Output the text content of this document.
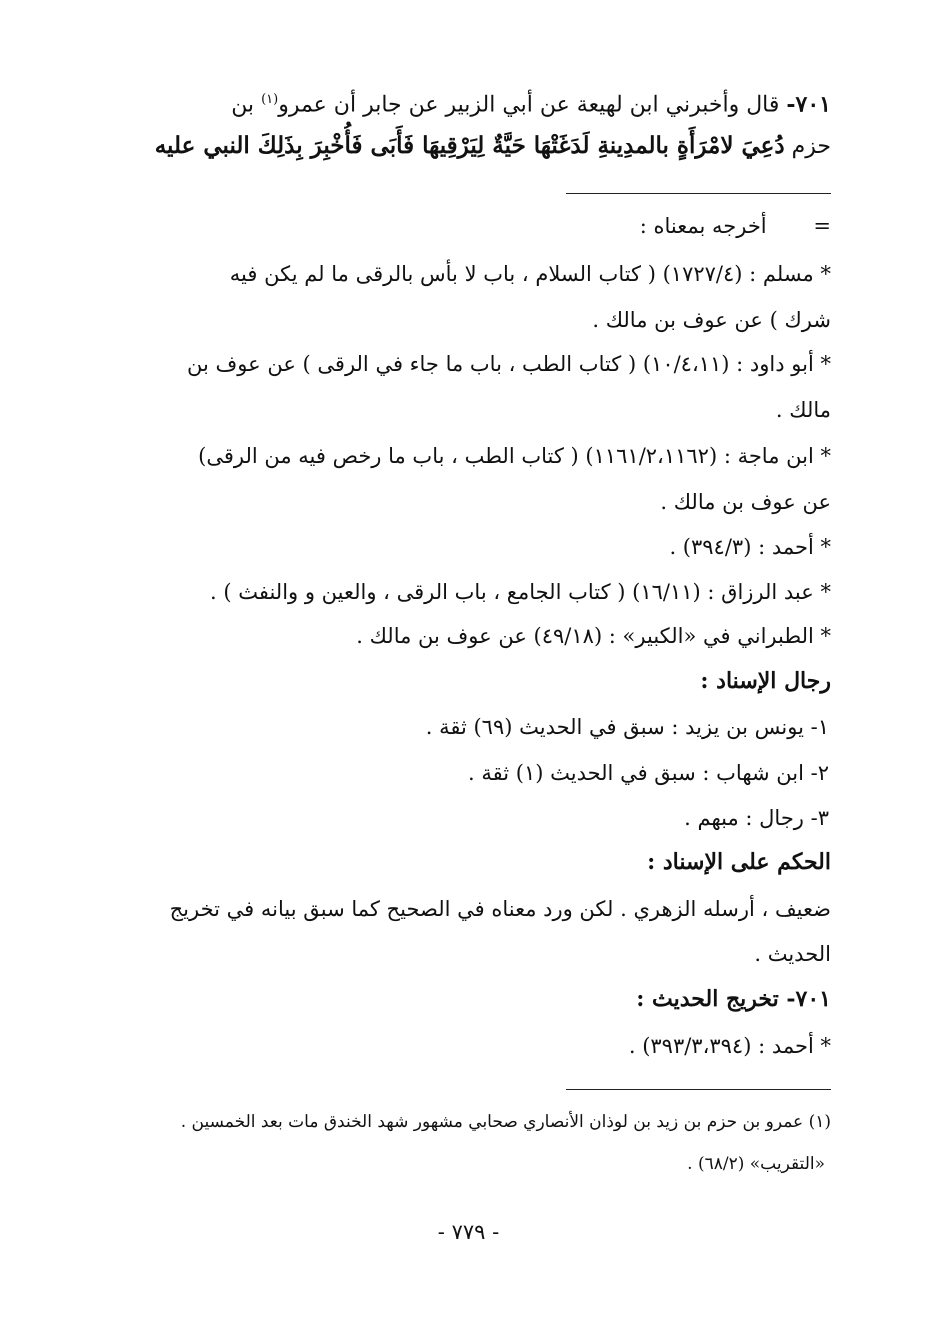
٧٠١- قال وأخبرني ابن لهيعة عن أبي الزبير عن جابر أن عمرو$^{(١)}$ بن
حزم دُعِيَ لامْرَأَةٍ بالمدِينةِ لَدَغَتْهَا حَيَّةٌ لِيَرْقِيهَا فَأَبَى فَأُخْبِرَ بِذَلِكَ النبي عليه
=       أخرجه بمعناه :
* مسلم : (١٧٢٧/٤) ( كتاب السلام ، باب لا بأس بالرقى ما لم يكن فيه
شرك ) عن عوف بن مالك .
* أبو داود : (١٠/٤،١١) ( كتاب الطب ، باب ما جاء في الرقى ) عن عوف بن
مالك .
* ابن ماجة : (١١٦١/٢،١١٦٢) ( كتاب الطب ، باب ما رخص فيه من الرقى)
عن عوف بن مالك .
* أحمد : (٣٩٤/٣) .
* عبد الرزاق : (١٦/١١) ( كتاب الجامع ، باب الرقى ، والعين و والنفث ) .
* الطبراني في «الكبير» : (٤٩/١٨) عن عوف بن مالك .
رجال الإسناد :
١- يونس بن يزيد : سبق في الحديث (٦٩) ثقة .
٢- ابن شهاب : سبق في الحديث (١) ثقة .
٣- رجال : مبهم .
الحكم على الإسناد :
ضعيف ، أرسله الزهري . لكن ورد معناه في الصحيح كما سبق بيانه في تخريج
الحديث .
٧٠١- تخريج الحديث :
* أحمد : (٣٩٣/٣،٣٩٤) .
(١) عمرو بن حزم بن زيد بن لوذان الأنصاري صحابي مشهور شهد الخندق مات بعد الخمسين .
«التقريب» (٦٨/٢) .
- ٧٧٩ -
